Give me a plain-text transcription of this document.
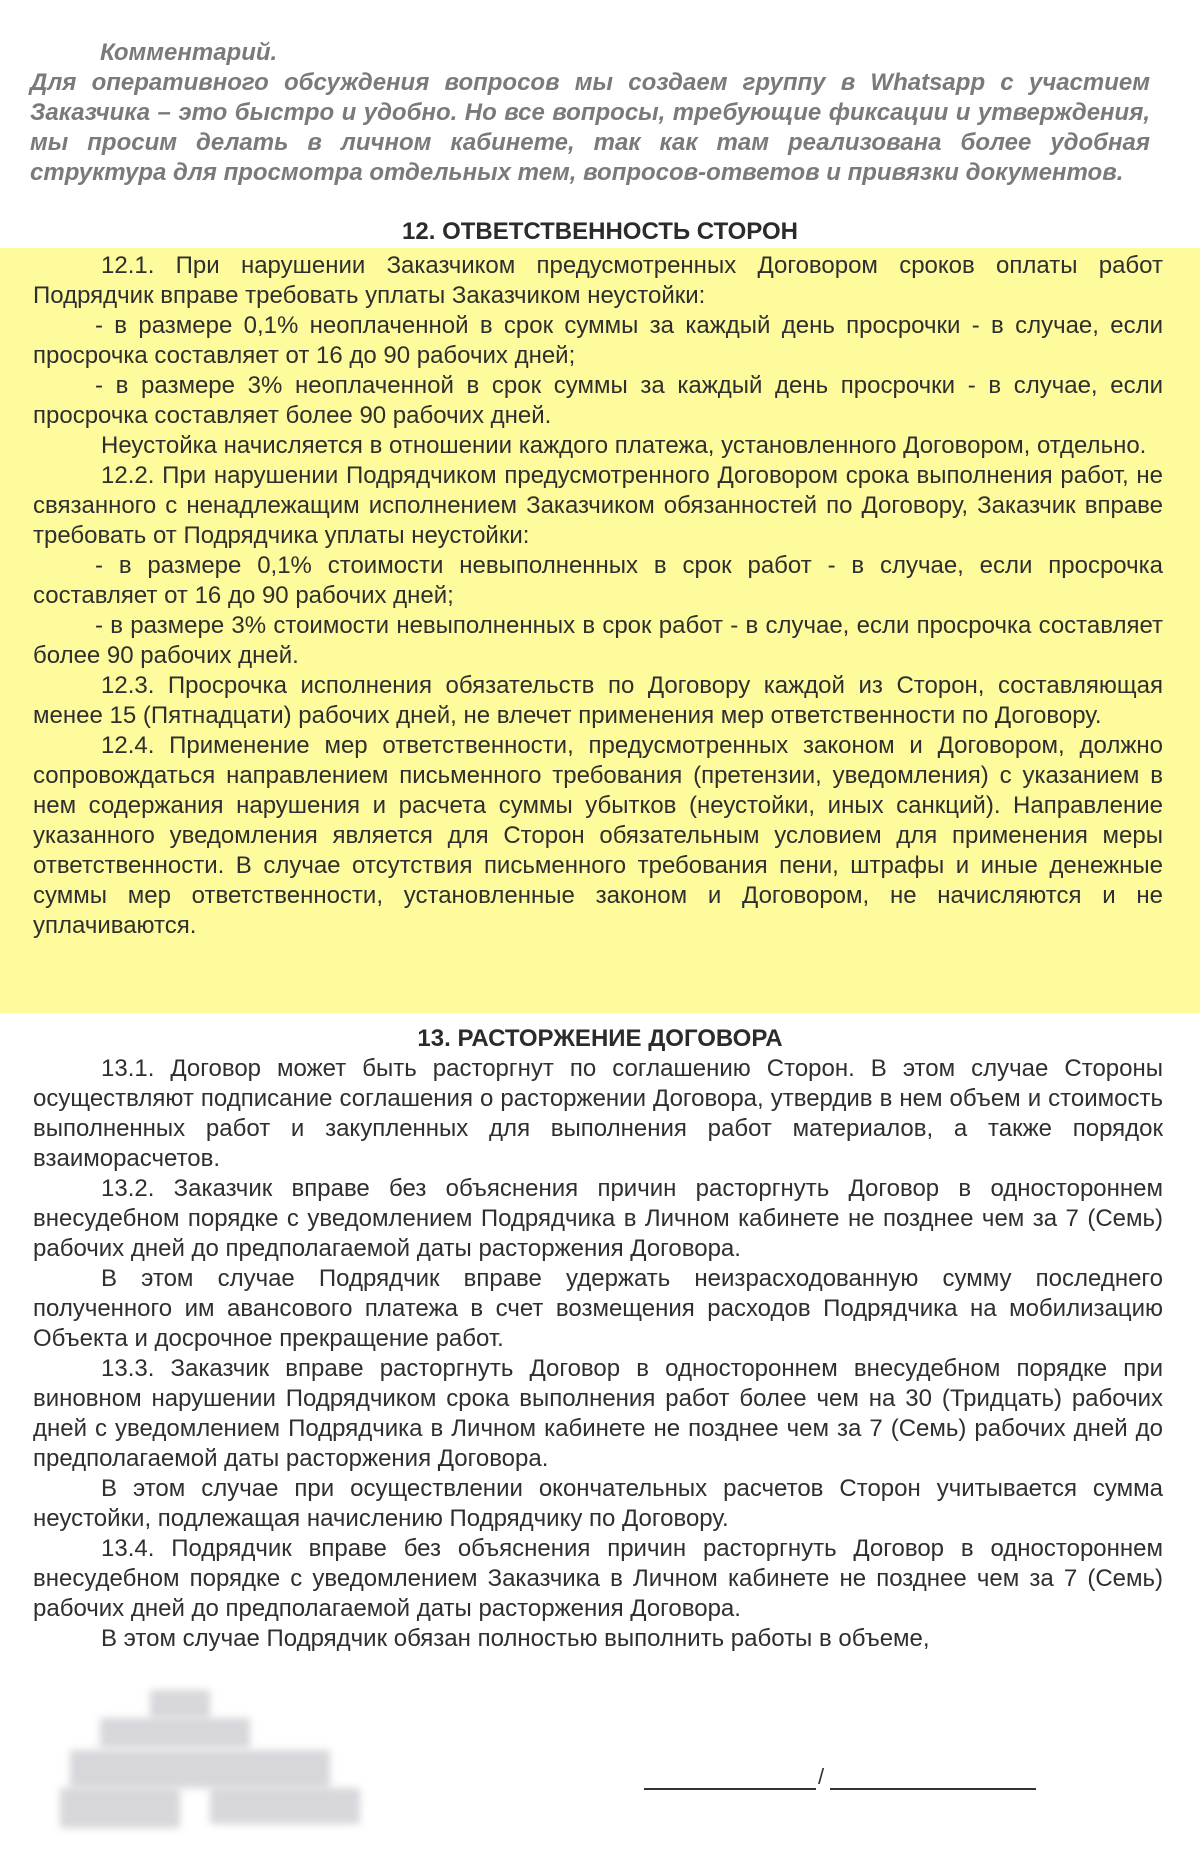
Комментарий.
Для оперативного обсуждения вопросов мы создаем группу в Whatsapp с участием Заказчика – это быстро и удобно. Но все вопросы, требующие фиксации и утверждения, мы просим делать в личном кабинете, так как там реализована более удобная структура для просмотра отдельных тем, вопросов-ответов и привязки документов.
12. ОТВЕТСТВЕННОСТЬ СТОРОН

12.1. При нарушении Заказчиком предусмотренных Договором сроков оплаты работ Подрядчик вправе требовать уплаты Заказчиком неустойки:

- в размере 0,1% неоплаченной в срок суммы за каждый день просрочки - в случае, если просрочка составляет от 16 до 90 рабочих дней;

- в размере 3% неоплаченной в срок суммы за каждый день просрочки - в случае, если просрочка составляет более 90 рабочих дней.

Неустойка начисляется в отношении каждого платежа, установленного Договором, отдельно.

12.2. При нарушении Подрядчиком предусмотренного Договором срока выполнения работ, не связанного с ненадлежащим исполнением Заказчиком обязанностей по Договору, Заказчик вправе требовать от Подрядчика уплаты неустойки:

- в размере 0,1% стоимости невыполненных в срок работ - в случае, если просрочка составляет от 16 до 90 рабочих дней;

- в размере 3% стоимости невыполненных в срок работ - в случае, если просрочка составляет более 90 рабочих дней.

12.3. Просрочка исполнения обязательств по Договору каждой из Сторон, составляющая менее 15 (Пятнадцати) рабочих дней, не влечет применения мер ответственности по Договору.

12.4. Применение мер ответственности, предусмотренных законом и Договором, должно сопровождаться направлением письменного требования (претензии, уведомления) с указанием в нем содержания нарушения и расчета суммы убытков (неустойки, иных санкций). Направление указанного уведомления является для Сторон обязательным условием для применения меры ответственности. В случае отсутствия письменного требования пени, штрафы и иные денежные суммы мер ответственности, установленные законом и Договором, не начисляются и не уплачиваются.

13. РАСТОРЖЕНИЕ ДОГОВОРА

13.1. Договор может быть расторгнут по соглашению Сторон. В этом случае Стороны осуществляют подписание соглашения о расторжении Договора, утвердив в нем объем и стоимость выполненных работ и закупленных для выполнения работ материалов, а также порядок взаиморасчетов.

13.2. Заказчик вправе без объяснения причин расторгнуть Договор в одностороннем внесудебном порядке с уведомлением Подрядчика в Личном кабинете не позднее чем за 7 (Семь) рабочих дней до предполагаемой даты расторжения Договора.

В этом случае Подрядчик вправе удержать неизрасходованную сумму последнего полученного им авансового платежа в счет возмещения расходов Подрядчика на мобилизацию Объекта и досрочное прекращение работ.

13.3. Заказчик вправе расторгнуть Договор в одностороннем внесудебном порядке при виновном нарушении Подрядчиком срока выполнения работ более чем на 30 (Тридцать) рабочих дней с уведомлением Подрядчика в Личном кабинете не позднее чем за 7 (Семь) рабочих дней до предполагаемой даты расторжения Договора.

В этом случае при осуществлении окончательных расчетов Сторон учитывается сумма неустойки, подлежащая начислению Подрядчику по Договору.

13.4. Подрядчик вправе без объяснения причин расторгнуть Договор в одностороннем внесудебном порядке с уведомлением Заказчика в Личном кабинете не позднее чем за 7 (Семь) рабочих дней до предполагаемой даты расторжения Договора.

В этом случае Подрядчик обязан полностью выполнить работы в объеме,

/
